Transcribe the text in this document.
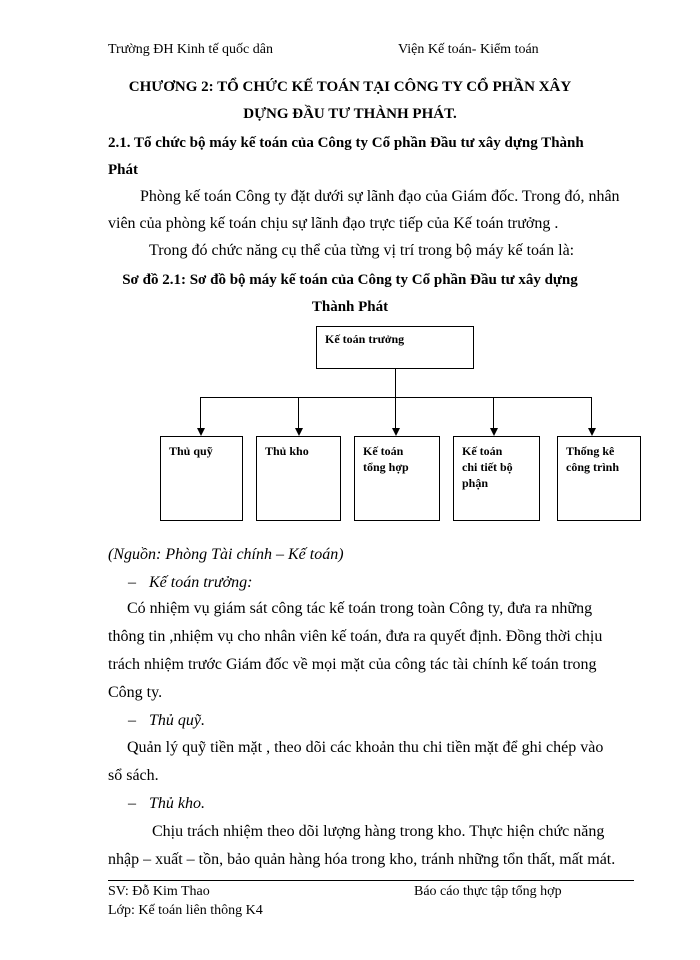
Trường ĐH Kinh tế quốc dân	Viện Kế toán- Kiểm toán
CHƯƠNG 2: TỔ CHỨC KẾ TOÁN TẠI CÔNG TY CỔ PHẦN XÂY
DỰNG ĐẦU TƯ THÀNH PHÁT.
2.1. Tổ chức bộ máy kế toán của Công ty Cổ phần Đầu tư xây dựng Thành
Phát
Phòng kế toán Công ty đặt dưới sự lãnh đạo của Giám đốc. Trong đó, nhân
viên của phòng kế toán chịu sự lãnh đạo trực tiếp của Kế toán trưởng .
Trong đó chức năng cụ thể của từng vị trí trong bộ máy kế toán là:
Sơ đồ 2.1: Sơ đồ bộ máy kế toán của Công ty Cổ phần Đầu tư xây dựng
Thành Phát
Kế toán trưởng
Thủ quỹ	Thủ kho	Kế toán
tổng hợp
Kế toán
chi tiết bộ
phận
Thống kê
công trình
(Nguồn: Phòng Tài chính – Kế toán)
– Kế toán trưởng:
Có nhiệm vụ giám sát công tác kế toán trong toàn Công ty, đưa ra những
thông tin ,nhiệm vụ cho nhân viên kế toán, đưa ra quyết định. Đồng thời chịu
trách nhiệm trước Giám đốc về mọi mặt của công tác tài chính kế toán trong
Công ty.
– Thủ quỹ.
Quản lý quỹ tiền mặt , theo dõi các khoản thu chi tiền mặt để ghi chép vào
sổ sách.
– Thủ kho.
Chịu trách nhiệm theo dõi lượng hàng trong kho. Thực hiện chức năng
nhập – xuất – tồn, bảo quản hàng hóa trong kho, tránh những tổn thất, mất mát.
SV: Đỗ Kim Thao	Báo cáo thực tập tổng hợp
Lớp: Kế toán liên thông K4
